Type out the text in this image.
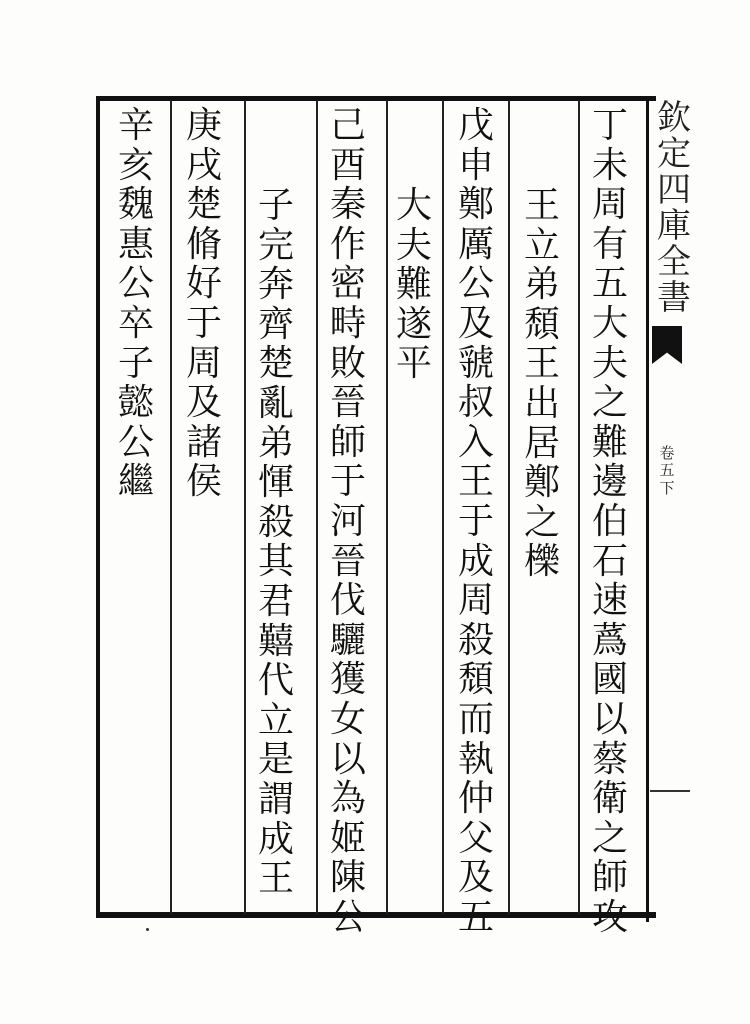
丁
未
周
有
五
大
夫
之
難
邊
伯
石
速
蔿
國
以
蔡
衛
之
師
攻
王
立
弟
頹
王
出
居
鄭
之
櫟
戊
申
鄭
厲
公
及
虢
叔
入
王
于
成
周
殺
頹
而
執
仲
父
及
五
大
夫
難
遂
平
己
酉
秦
作
密
畤
敗
晉
師
于
河
晉
伐
驪
獲
女
以
為
姬
陳
公
子
完
奔
齊
楚
亂
弟
惲
殺
其
君
囏
代
立
是
謂
成
王
庚
戌
楚
脩
好
于
周
及
諸
侯
辛
亥
魏
惠
公
卒
子
懿
公
繼
欽
定
四
庫
全
書
卷
五
下
